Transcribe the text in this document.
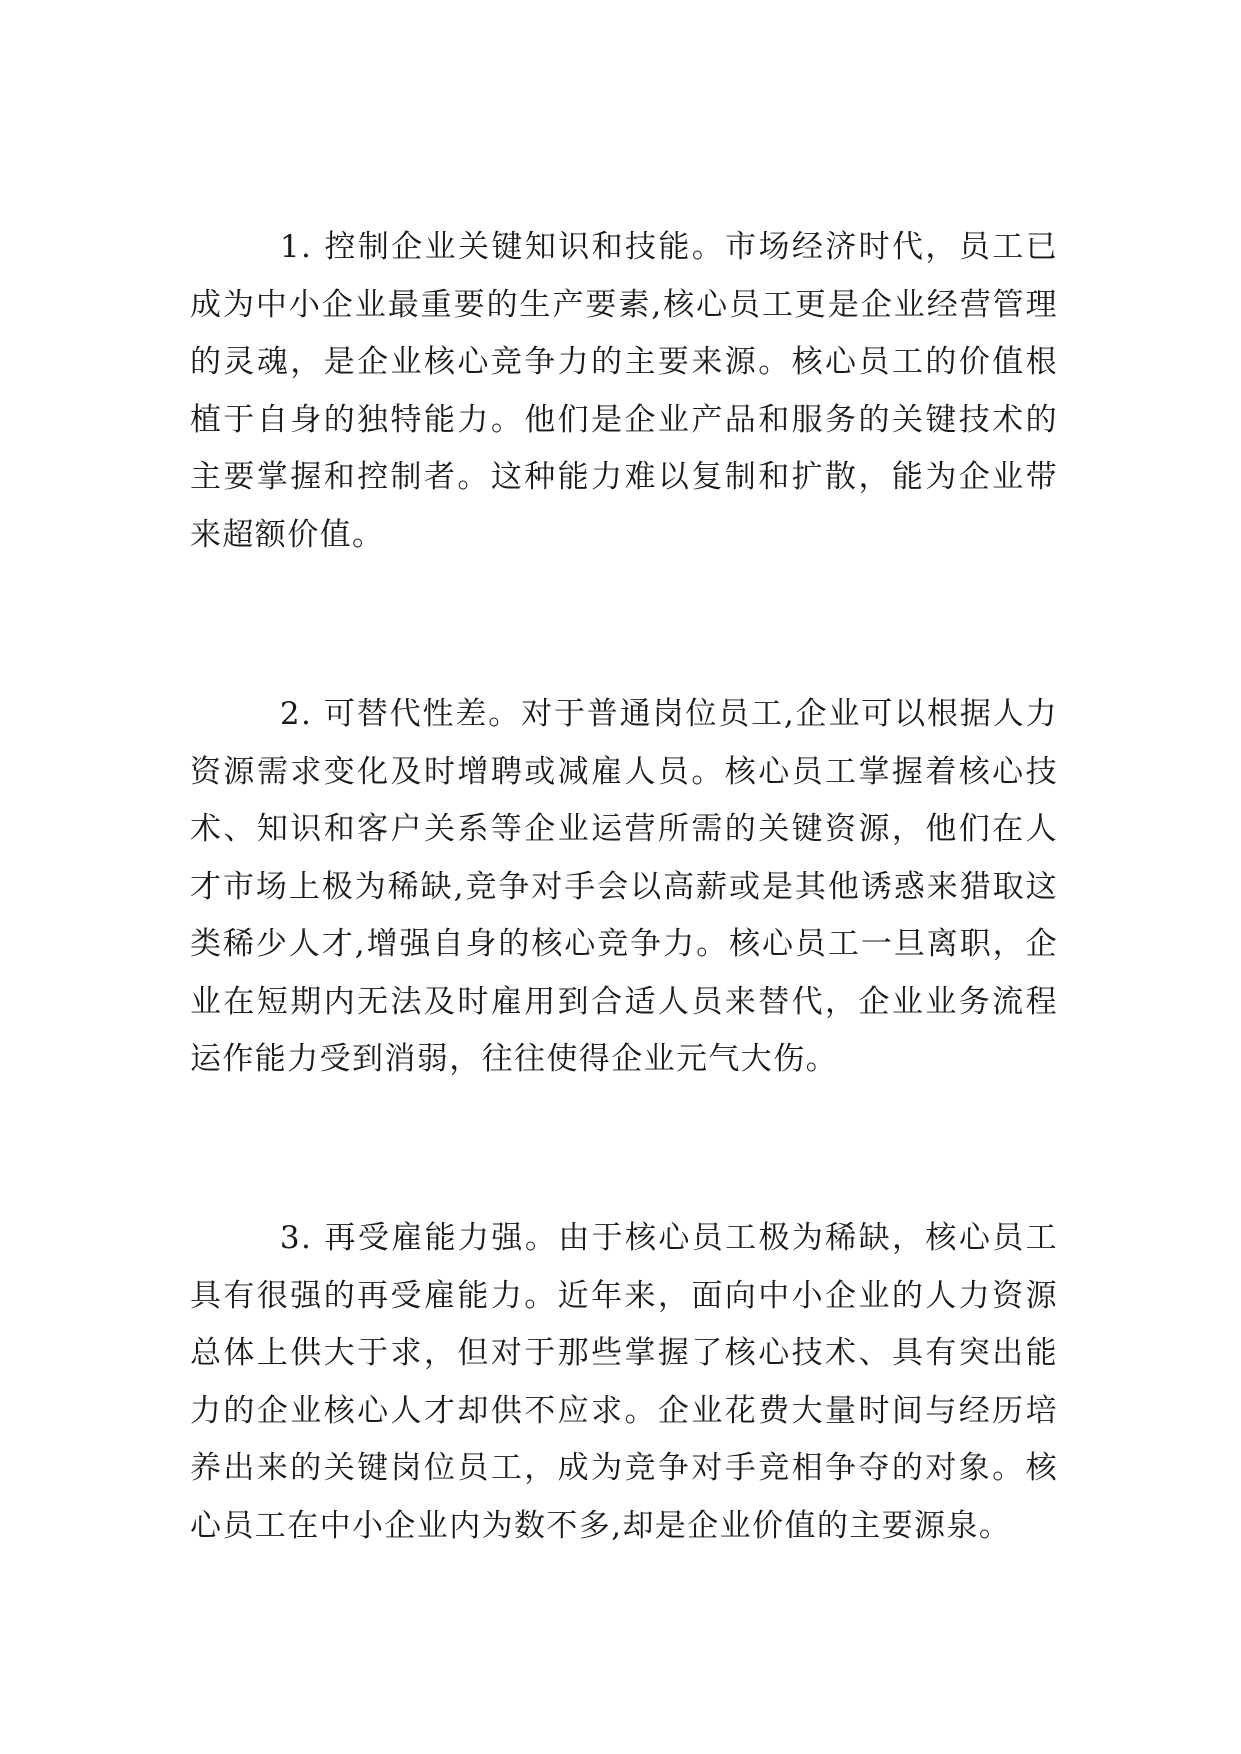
1. 控制企业关键知识和技能。市场经济时代，员工已成为中小企业最重要的生产要素,核心员工更是企业经营管理的灵魂，是企业核心竞争力的主要来源。核心员工的价值根植于自身的独特能力。他们是企业产品和服务的关键技术的主要掌握和控制者。这种能力难以复制和扩散，能为企业带来超额价值。

2. 可替代性差。对于普通岗位员工,企业可以根据人力资源需求变化及时增聘或减雇人员。核心员工掌握着核心技术、知识和客户关系等企业运营所需的关键资源，他们在人才市场上极为稀缺,竞争对手会以高薪或是其他诱惑来猎取这类稀少人才,增强自身的核心竞争力。核心员工一旦离职，企业在短期内无法及时雇用到合适人员来替代，企业业务流程运作能力受到消弱，往往使得企业元气大伤。

3. 再受雇能力强。由于核心员工极为稀缺，核心员工具有很强的再受雇能力。近年来，面向中小企业的人力资源总体上供大于求，但对于那些掌握了核心技术、具有突出能力的企业核心人才却供不应求。企业花费大量时间与经历培养出来的关键岗位员工，成为竞争对手竞相争夺的对象。核心员工在中小企业内为数不多,却是企业价值的主要源泉。
